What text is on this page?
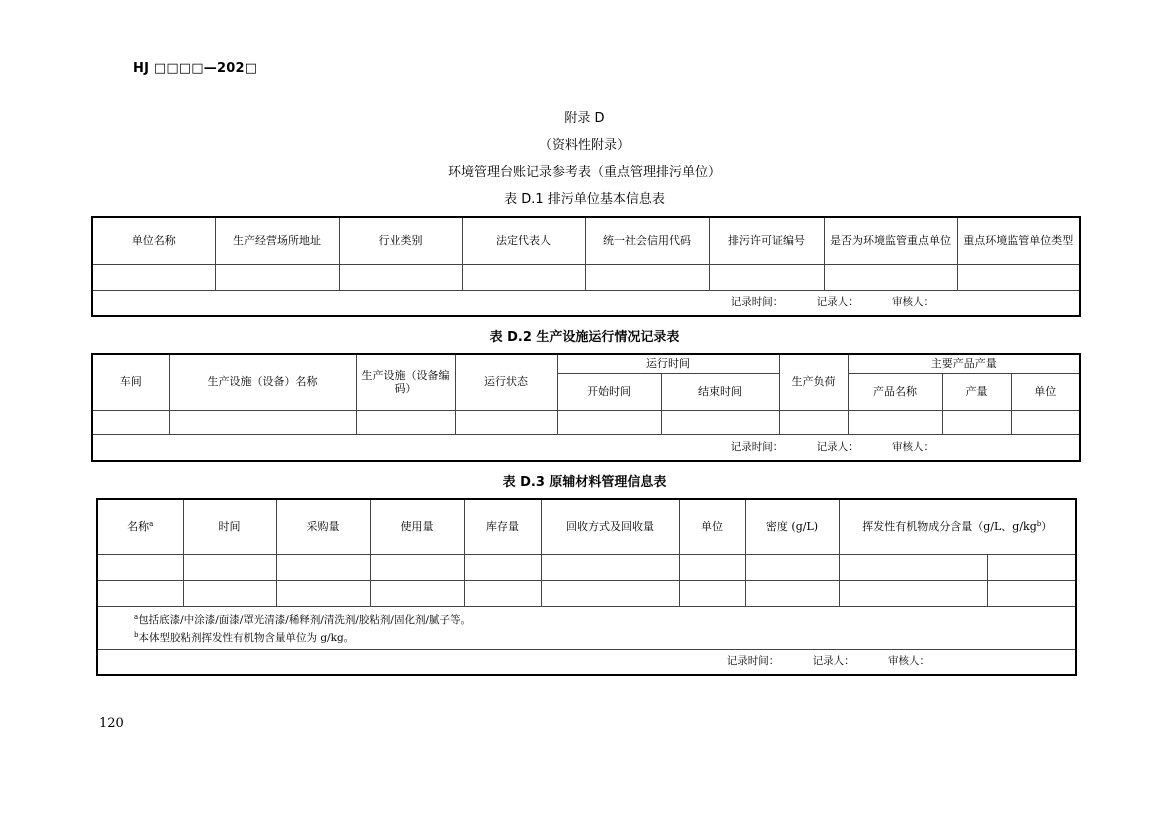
HJ □□□□—202□
附录 D
（资料性附录）
环境管理台账记录参考表（重点管理排污单位）
表 D.1 排污单位基本信息表
单位名称	生产经营场所地址	行业类别	法定代表人	统一社会信用代码	排污许可证编号	是否为环境监管重点单位	重点环境监管单位类型

记录时间：          记录人：          审核人：							
表 D.2 生产设施运行情况记录表
车间	生产设施（设备）名称	生产设施（设备编码）	运行状态	运行时间		生产负荷	主要产品产量		
				开始时间	结束时间		产品名称	产量	单位

记录时间：          记录人：          审核人：									
表 D.3 原辅材料管理信息表
名称$^a$	时间	采购量	使用量	库存量	回收方式及回收量	单位	密度 (g/L)	挥发性有机物成分含量（g/L、$g/kg^b$）	

$^a$包括底漆/中涂漆/面漆/罩光清漆/稀释剂/清洗剂/胶粘剂/固化剂/腻子等。
$^b$本体型胶粘剂挥发性有机物含量单位为 g/kg。									

记录时间：          记录人：          审核人：									
120
